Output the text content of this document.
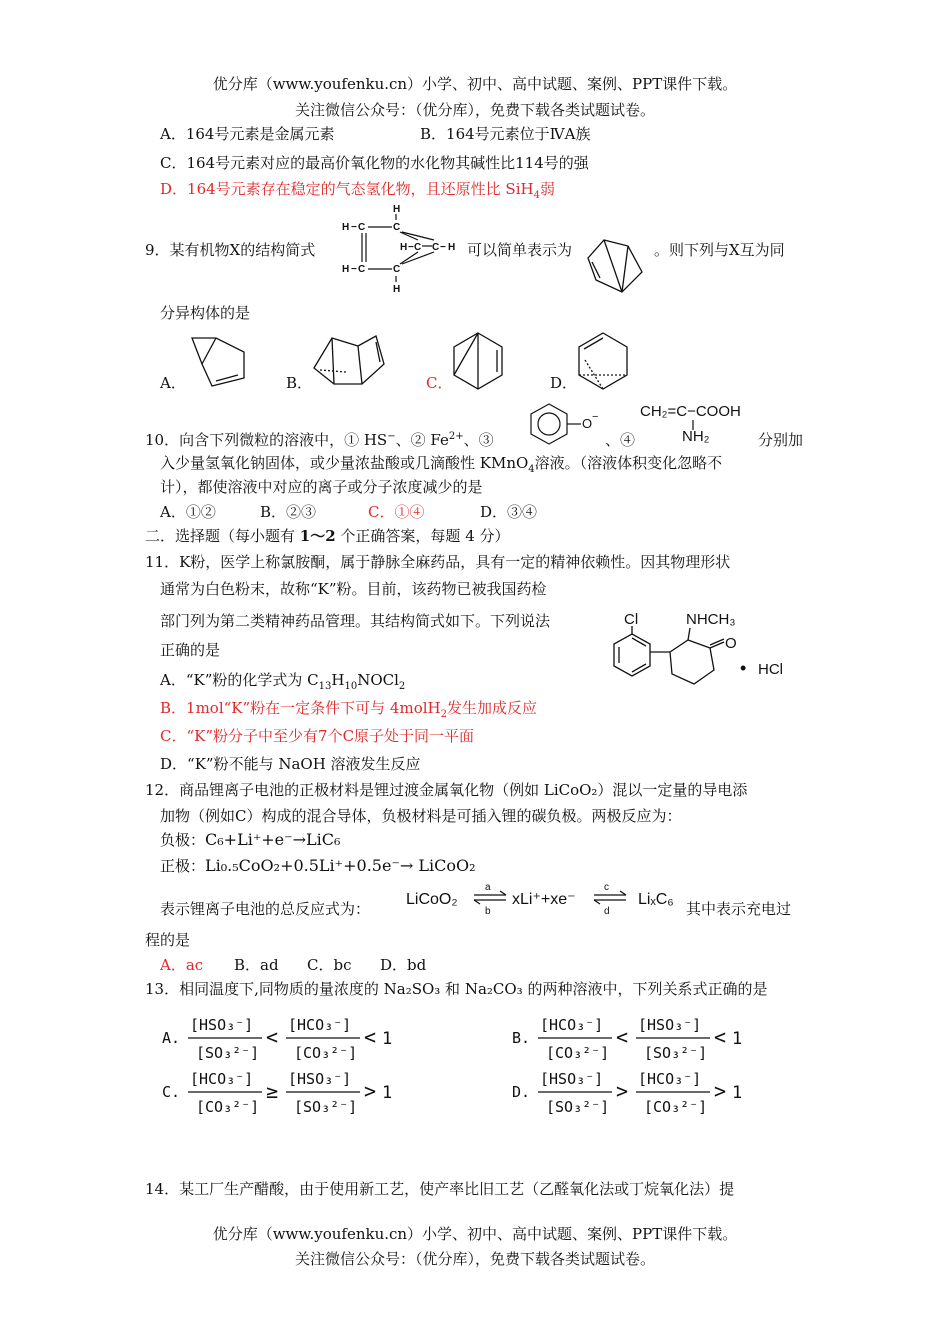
优分库（www.youfenku.cn）小学、初中、高中试题、案例、PPT课件下载。
关注微信公众号：（优分库），免费下载各类试题试卷。
A．164号元素是金属元素	B．164号元素位于ⅣA族
C．164号元素对应的最高价氧化物的水化物其碱性比114号的强
D．164号元素存在稳定的气态氢化物，且还原性比 SiH$_4$弱
9．某有机物X的结构简式
H
H
H − C
H − C
C
C
H − C C − H 可以简单表示为	。则下列与X互为同
分异构体的是
A．	B．	C．	D．
10．向含下列微粒的溶液中，① HS−、② $Fe^{2+}$、③
O −
、④
CH₂=C−COOH
NH₂	分别加
入少量氢氧化钠固体，或少量浓盐酸或几滴酸性 KMnO$_4$溶液。（溶液体积变化忽略不
计），都使溶液中对应的离子或分子浓度减少的是
A．①②	B．②③	C．①④	D．③④
二．选择题（每小题有 1～2 个正确答案，每题 4 分）
11．K粉，医学上称氯胺酮，属于静脉全麻药品，具有一定的精神依赖性。因其物理形状
通常为白色粉末，故称“K”粉。目前，该药物已被我国药检
部门列为第二类精神药品管理。其结构简式如下。下列说法
正确的是
Cl	NHCH₃
O
• HCl
A．“K”粉的化学式为 $C_{13}H_{10}NOCl_2$
B．1mol“K”粉在一定条件下可与 4molH$_2$发生加成反应
C．“K”粉分子中至少有7个C原子处于同一平面
D．“K”粉不能与 NaOH 溶液发生反应
12．商品锂离子电池的正极材料是锂过渡金属氧化物（例如 LiCoO₂）混以一定量的导电添
加物（例如C）构成的混合导体，负极材料是可插入锂的碳负极。两极反应为：
负极：C₆+Li⁺+e⁻→LiC₆
正极：Li₀.₅CoO₂+0.5Li⁺+0.5e⁻→ LiCoO₂
表示锂离子电池的总反应式为：
LiCoO₂
a
b
xLi⁺+xe⁻
c
d
LiₓC₆
其中表示充电过
程的是
A．ac B．ad C．bc D．bd
13．相同温度下,同物质的量浓度的 Na₂SO₃ 和 Na₂CO₃ 的两种溶液中，下列关系式正确的是
A.
[HSO₃⁻]
[SO₃²⁻]
< [HCO₃⁻]
[CO₃²⁻]
< 1	B.
[HCO₃⁻]
[CO₃²⁻]
< [HSO₃⁻]
[SO₃²⁻]
< 1
C.
[HCO₃⁻]
[CO₃²⁻]
≥ [HSO₃⁻]
[SO₃²⁻]
> 1	D.
[HSO₃⁻]
[SO₃²⁻]
> [HCO₃⁻]
[CO₃²⁻]
> 1
14．某工厂生产醋酸，由于使用新工艺，使产率比旧工艺（乙醛氧化法或丁烷氧化法）提
优分库（www.youfenku.cn）小学、初中、高中试题、案例、PPT课件下载。
关注微信公众号：（优分库），免费下载各类试题试卷。
